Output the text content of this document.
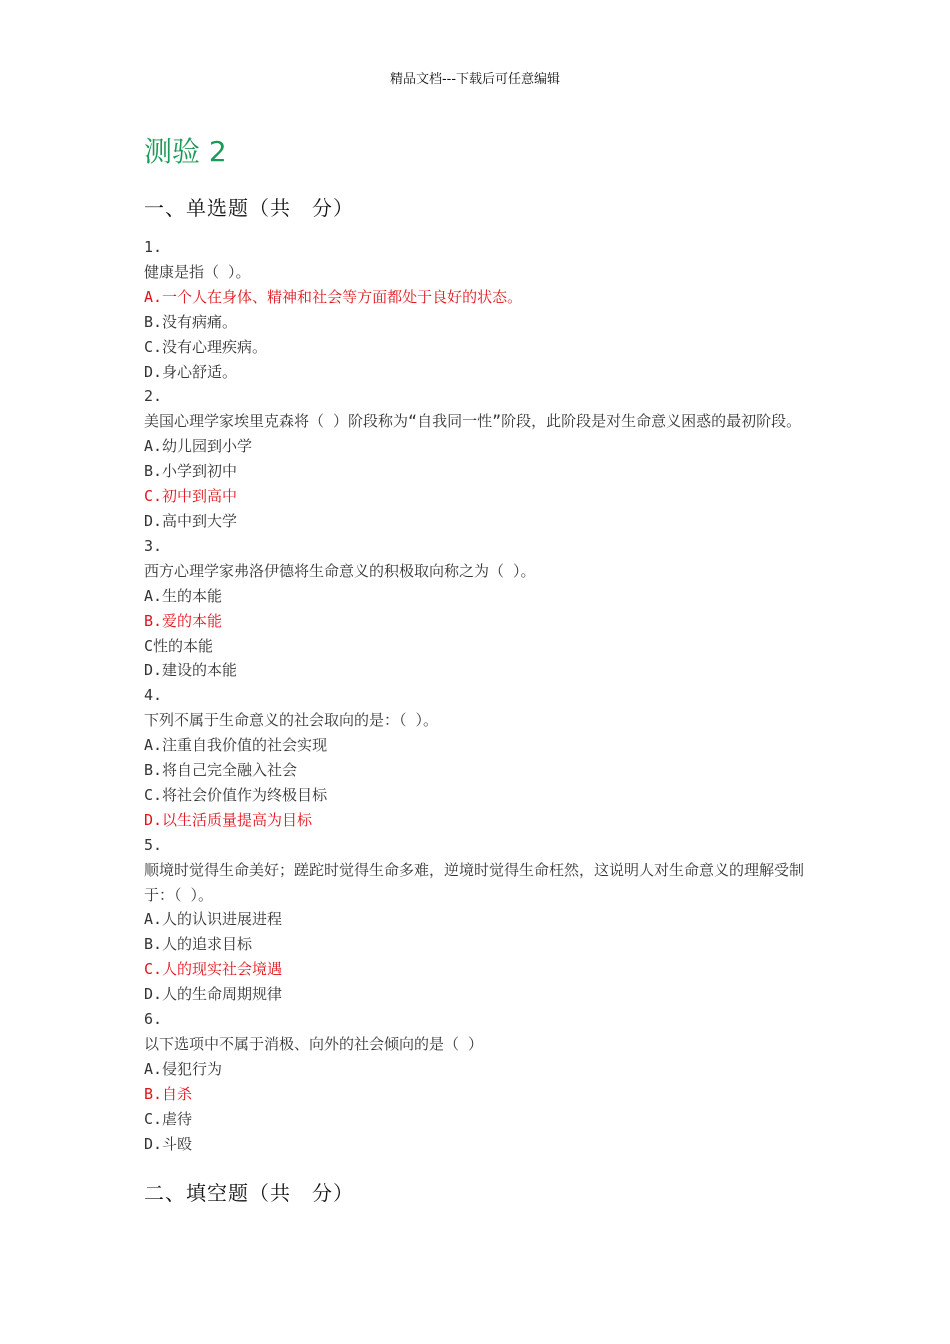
精品文档---下载后可任意编辑
测验 2
一、单选题（共　分）
1.
健康是指（ ）。
A.一个人在身体、精神和社会等方面都处于良好的状态。
B.没有病痛。
C.没有心理疾病。
D.身心舒适。
2.
美国心理学家埃里克森将（ ）阶段称为“自我同一性”阶段，此阶段是对生命意义困惑的最初阶段。
A.幼儿园到小学
B.小学到初中
C.初中到高中
D.高中到大学
3.
西方心理学家弗洛伊德将生命意义的积极取向称之为（ ）。
A.生的本能
B.爱的本能
C性的本能
D.建设的本能
4.
下列不属于生命意义的社会取向的是：（ ）。
A.注重自我价值的社会实现
B.将自己完全融入社会
C.将社会价值作为终极目标
D.以生活质量提高为目标
5.
顺境时觉得生命美好；蹉跎时觉得生命多难，逆境时觉得生命枉然，这说明人对生命意义的理解受制于：（ ）。
A.人的认识进展进程
B.人的追求目标
C.人的现实社会境遇
D.人的生命周期规律
6.
以下选项中不属于消极、向外的社会倾向的是（ ）
A.侵犯行为
B.自杀
C.虐待
D.斗殴
二、填空题（共　分）
